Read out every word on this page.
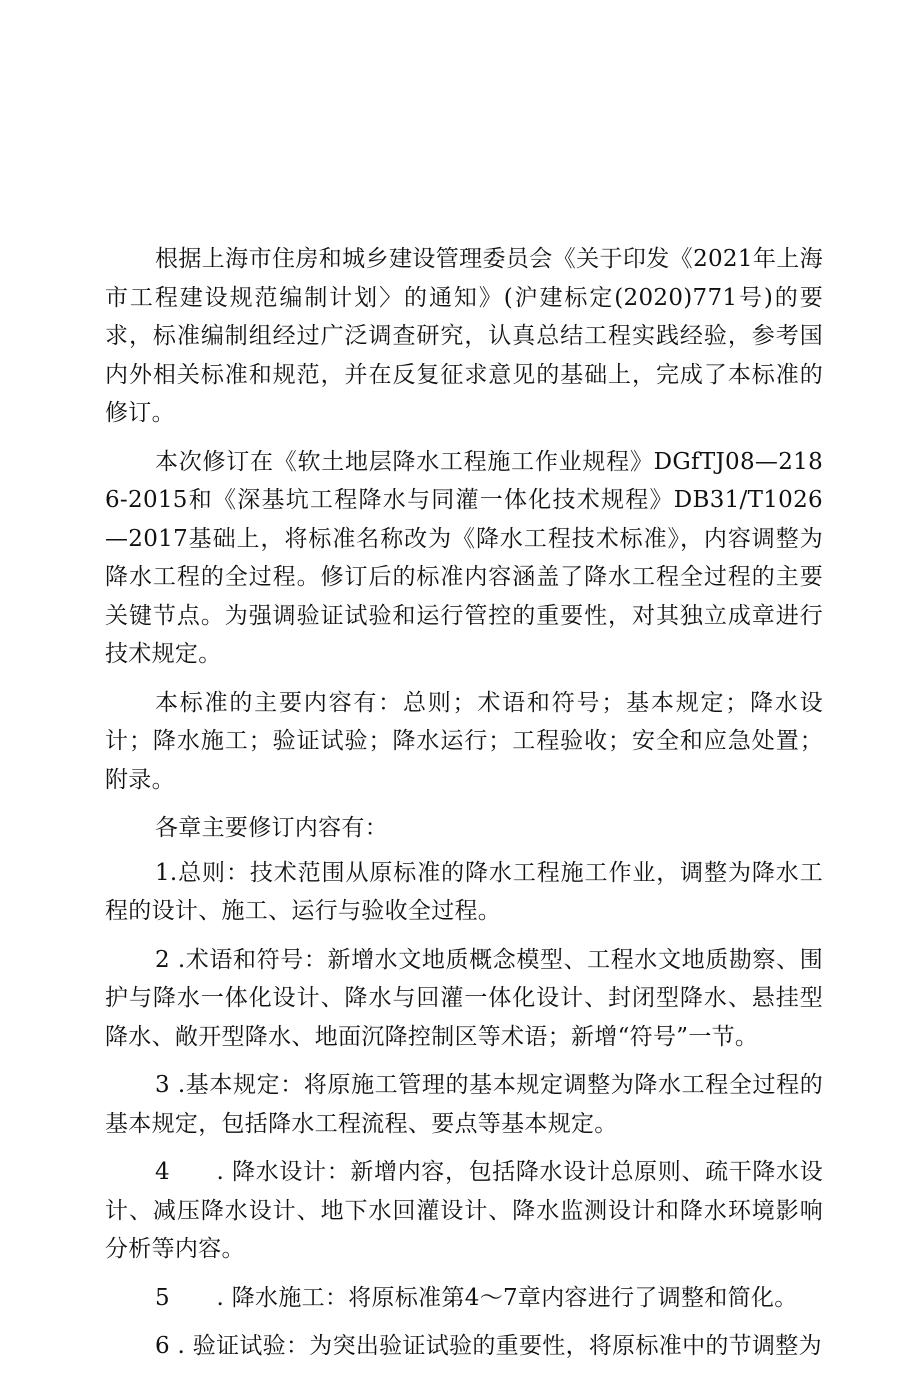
根据上海市住房和城乡建设管理委员会《关于印发《2021年上海市工程建设规范编制计划〉的通知》(沪建标定(2020)771号)的要求，标准编制组经过广泛调查研究，认真总结工程实践经验，参考国内外相关标准和规范，并在反复征求意见的基础上，完成了本标准的修订。

本次修订在《软土地层降水工程施工作业规程》DGfTJ08—2186-2015和《深基坑工程降水与同灌一体化技术规程》DB31/T1026—2017基础上，将标准名称改为《降水工程技术标准》，内容调整为降水工程的全过程。修订后的标准内容涵盖了降水工程全过程的主要关键节点。为强调验证试验和运行管控的重要性，对其独立成章进行技术规定。

本标准的主要内容有：总则；术语和符号；基本规定；降水设计；降水施工；验证试验；降水运行；工程验收；安全和应急处置；附录。

各章主要修订内容有：

1.总则：技术范围从原标准的降水工程施工作业，调整为降水工程的设计、施工、运行与验收全过程。

2 .术语和符号：新增水文地质概念模型、工程水文地质勘察、围护与降水一体化设计、降水与回灌一体化设计、封闭型降水、悬挂型降水、敞开型降水、地面沉降控制区等术语；新增“符号”一节。

3 .基本规定：将原施工管理的基本规定调整为降水工程全过程的基本规定，包括降水工程流程、要点等基本规定。

4  . 降水设计：新增内容，包括降水设计总原则、疏干降水设计、减压降水设计、地下水回灌设计、降水监测设计和降水环境影响分析等内容。

5  . 降水施工：将原标准第4～7章内容进行了调整和简化。

6 . 验证试验：为突出验证试验的重要性，将原标准中的节调整为
